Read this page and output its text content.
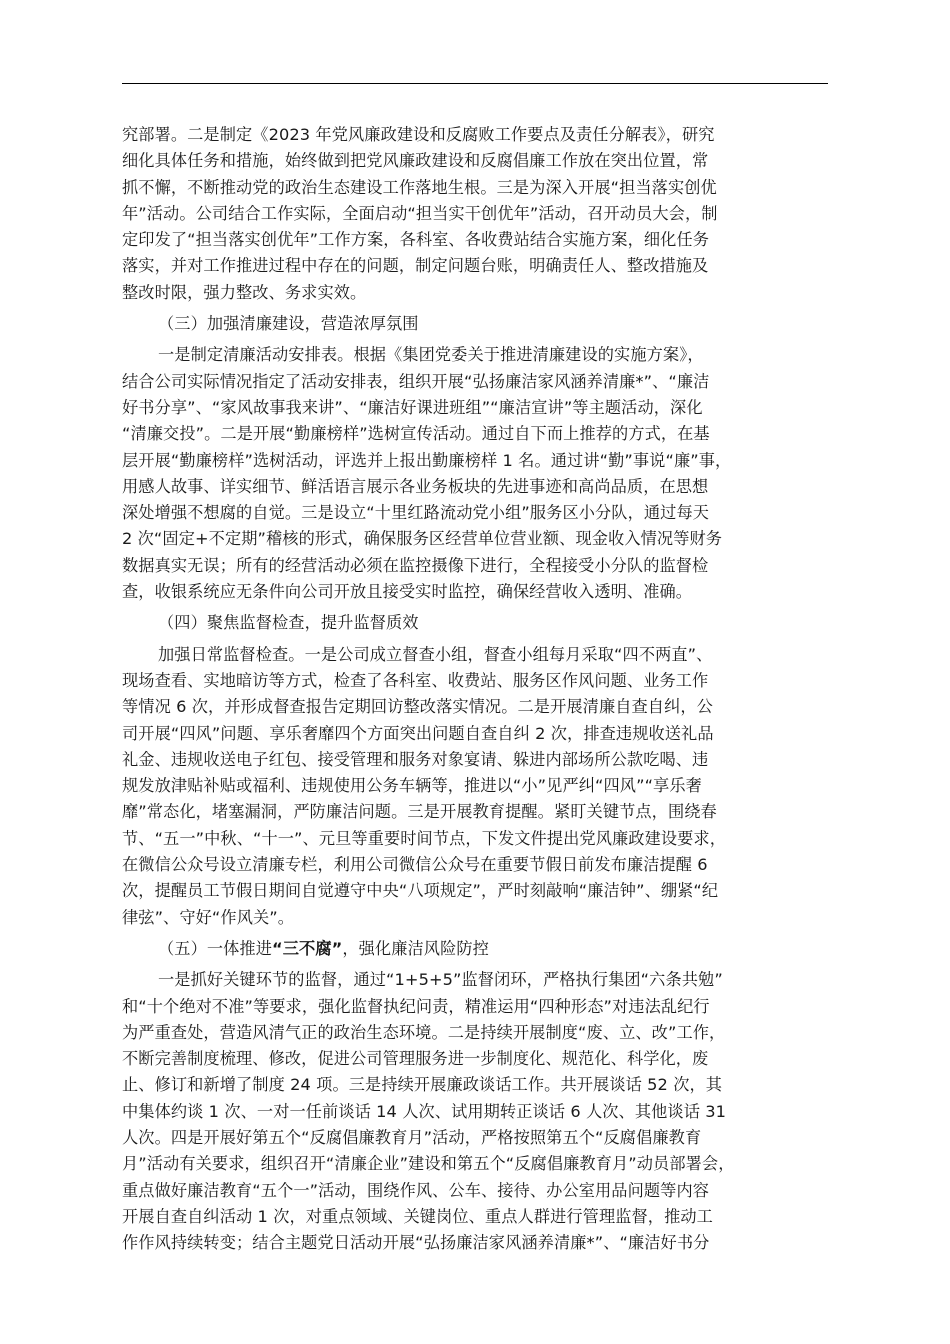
究部署。二是制定《2023 年党风廉政建设和反腐败工作要点及责任分解表》，研究
细化具体任务和措施，始终做到把党风廉政建设和反腐倡廉工作放在突出位置，常
抓不懈，不断推动党的政治生态建设工作落地生根。三是为深入开展“担当落实创优
年”活动。公司结合工作实际，全面启动“担当实干创优年”活动，召开动员大会，制
定印发了“担当落实创优年”工作方案，各科室、各收费站结合实施方案，细化任务
落实，并对工作推进过程中存在的问题，制定问题台账，明确责任人、整改措施及
整改时限，强力整改、务求实效。
（三）加强清廉建设，营造浓厚氛围
一是制定清廉活动安排表。根据《集团党委关于推进清廉建设的实施方案》，
结合公司实际情况指定了活动安排表，组织开展“弘扬廉洁家风涵养清廉*”、“廉洁
好书分享”、“家风故事我来讲”、“廉洁好课进班组”“廉洁宣讲”等主题活动，深化
“清廉交投”。二是开展“勤廉榜样”选树宣传活动。通过自下而上推荐的方式，在基
层开展“勤廉榜样”选树活动，评选并上报出勤廉榜样 1 名。通过讲“勤”事说“廉”事，
用感人故事、详实细节、鲜活语言展示各业务板块的先进事迹和高尚品质，在思想
深处增强不想腐的自觉。三是设立“十里红路流动党小组”服务区小分队，通过每天
2 次“固定+不定期”稽核的形式，确保服务区经营单位营业额、现金收入情况等财务
数据真实无误；所有的经营活动必须在监控摄像下进行，全程接受小分队的监督检
查，收银系统应无条件向公司开放且接受实时监控，确保经营收入透明、准确。
（四）聚焦监督检查，提升监督质效
加强日常监督检查。一是公司成立督查小组，督查小组每月采取“四不两直”、
现场查看、实地暗访等方式，检查了各科室、收费站、服务区作风问题、业务工作
等情况 6 次，并形成督查报告定期回访整改落实情况。二是开展清廉自查自纠，公
司开展“四风”问题、享乐奢靡四个方面突出问题自查自纠 2 次，排查违规收送礼品
礼金、违规收送电子红包、接受管理和服务对象宴请、躲进内部场所公款吃喝、违
规发放津贴补贴或福利、违规使用公务车辆等，推进以“小”见严纠“四风”“享乐奢
靡”常态化，堵塞漏洞，严防廉洁问题。三是开展教育提醒。紧盯关键节点，围绕春
节、“五一”中秋、“十一”、元旦等重要时间节点，下发文件提出党风廉政建设要求，
在微信公众号设立清廉专栏，利用公司微信公众号在重要节假日前发布廉洁提醒 6
次，提醒员工节假日期间自觉遵守中央“八项规定”，严时刻敲响“廉洁钟”、绷紧“纪
律弦”、守好“作风关”。
（五）一体推进“三不腐”，强化廉洁风险防控
一是抓好关键环节的监督，通过“1+5+5”监督闭环，严格执行集团“六条共勉”
和“十个绝对不准”等要求，强化监督执纪问责，精准运用“四种形态”对违法乱纪行
为严重查处，营造风清气正的政治生态环境。二是持续开展制度“废、立、改”工作，
不断完善制度梳理、修改，促进公司管理服务进一步制度化、规范化、科学化，废
止、修订和新增了制度 24 项。三是持续开展廉政谈话工作。共开展谈话 52 次，其
中集体约谈 1 次、一对一任前谈话 14 人次、试用期转正谈话 6 人次、其他谈话 31
人次。四是开展好第五个“反腐倡廉教育月”活动，严格按照第五个“反腐倡廉教育
月”活动有关要求，组织召开“清廉企业”建设和第五个“反腐倡廉教育月”动员部署会，
重点做好廉洁教育“五个一”活动，围绕作风、公车、接待、办公室用品问题等内容
开展自查自纠活动 1 次，对重点领域、关键岗位、重点人群进行管理监督，推动工
作作风持续转变；结合主题党日活动开展“弘扬廉洁家风涵养清廉*”、“廉洁好书分
